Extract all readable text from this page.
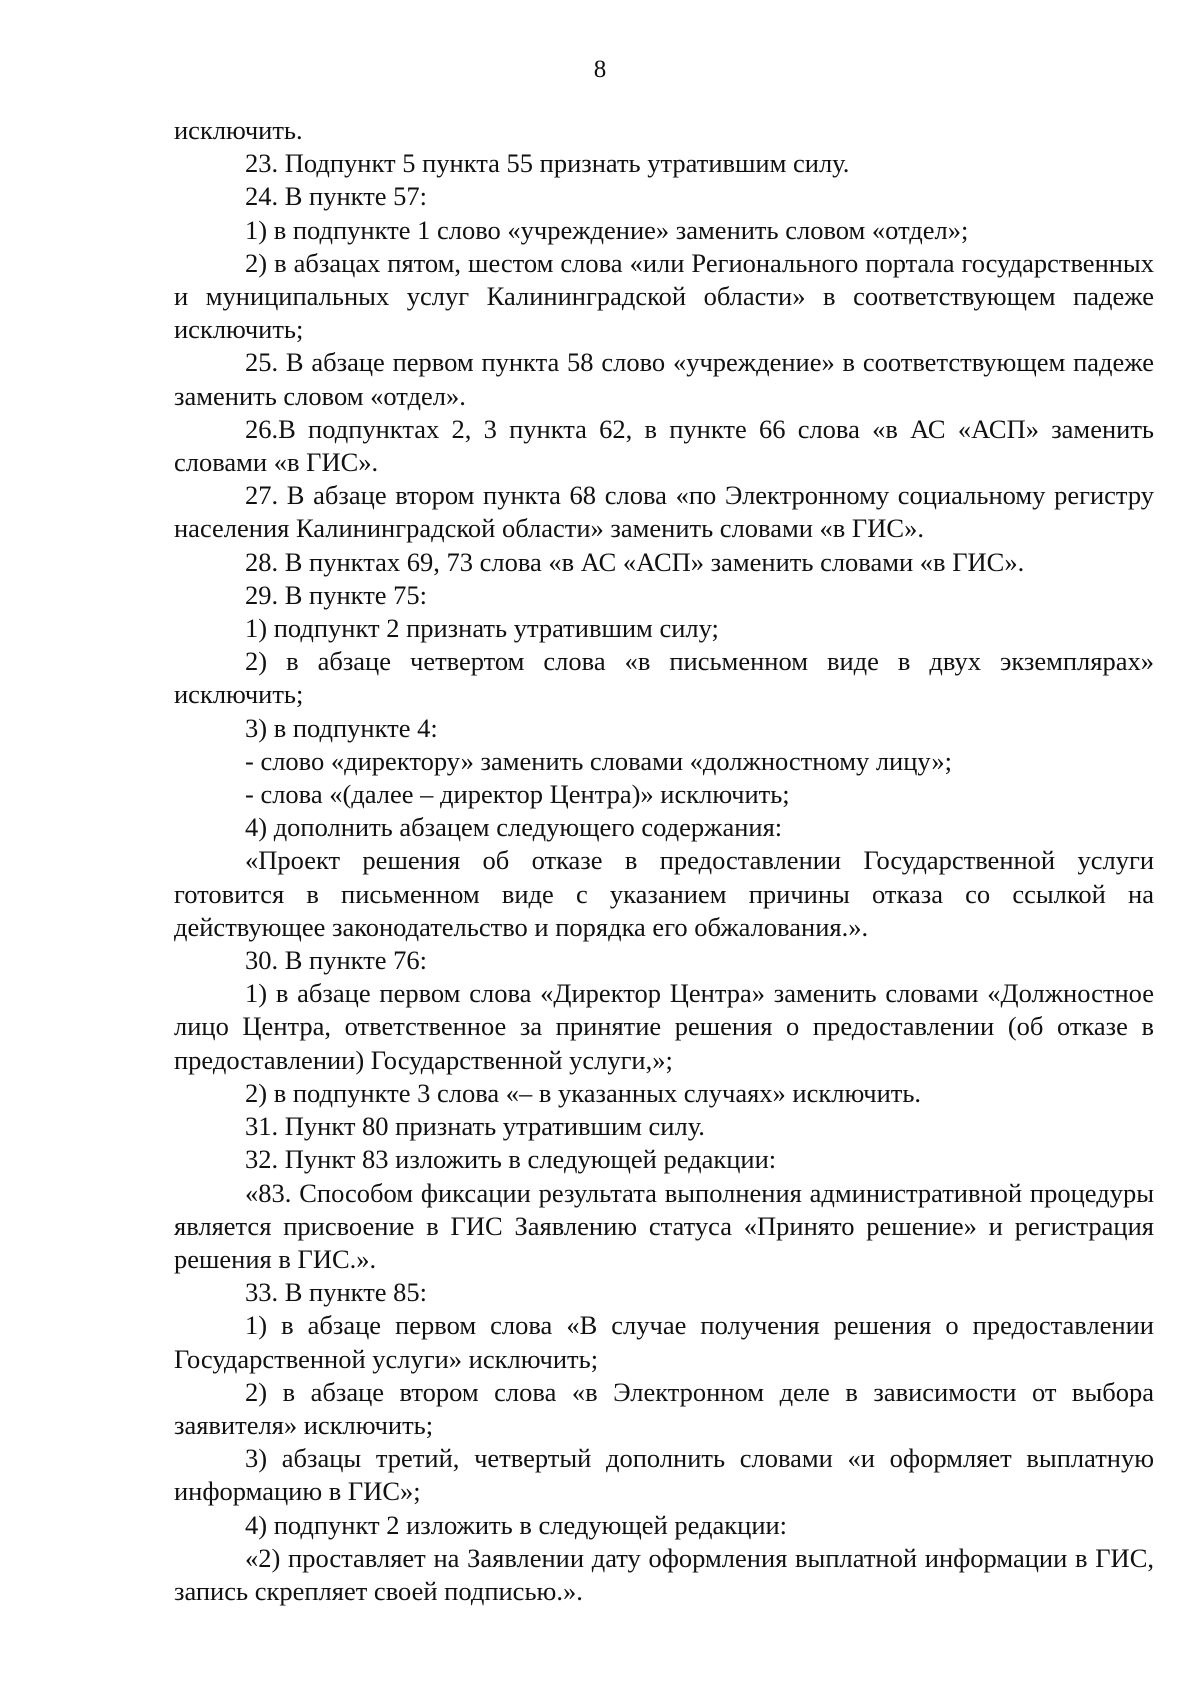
8

исключить.

23. Подпункт 5 пункта 55 признать утратившим силу.

24. В пункте 57:

1) в подпункте 1 слово «учреждение» заменить словом «отдел»;

2) в абзацах пятом, шестом слова «или Регионального портала государственных и муниципальных услуг Калининградской области» в соответствующем падеже исключить;

25. В абзаце первом пункта 58 слово «учреждение» в соответствующем падеже заменить словом «отдел».

26.В подпунктах 2, 3 пункта 62, в пункте 66 слова «в АС «АСП» заменить словами «в ГИС».

27. В абзаце втором пункта 68 слова «по Электронному социальному регистру населения Калининградской области» заменить словами «в ГИС».

28. В пунктах 69, 73 слова «в АС «АСП» заменить словами «в ГИС».

29. В пункте 75:

1) подпункт 2 признать утратившим силу;

2) в абзаце четвертом слова «в письменном виде в двух экземплярах» исключить;

3) в подпункте 4:

- слово «директору» заменить словами «должностному лицу»;

- слова «(далее – директор Центра)» исключить;

4) дополнить абзацем следующего содержания:

«Проект решения об отказе в предоставлении Государственной услуги готовится в письменном виде с указанием причины отказа со ссылкой на действующее законодательство и порядка его обжалования.».

30. В пункте 76:

1) в абзаце первом слова «Директор Центра» заменить словами «Должностное лицо Центра, ответственное за принятие решения о предоставлении (об отказе в предоставлении) Государственной услуги,»;

2) в подпункте 3 слова «– в указанных случаях» исключить.

31. Пункт 80 признать утратившим силу.

32. Пункт 83 изложить в следующей редакции:

«83. Способом фиксации результата выполнения административной процедуры является присвоение в ГИС Заявлению статуса «Принято решение» и регистрация решения в ГИС.».

33. В пункте 85:

1) в абзаце первом слова «В случае получения решения о предоставлении Государственной услуги» исключить;

2) в абзаце втором слова «в Электронном деле в зависимости от выбора заявителя» исключить;

3) абзацы третий, четвертый дополнить словами «и оформляет выплатную информацию в ГИС»;

4) подпункт 2 изложить в следующей редакции:

«2) проставляет на Заявлении дату оформления выплатной информации в ГИС, запись скрепляет своей подписью.».
